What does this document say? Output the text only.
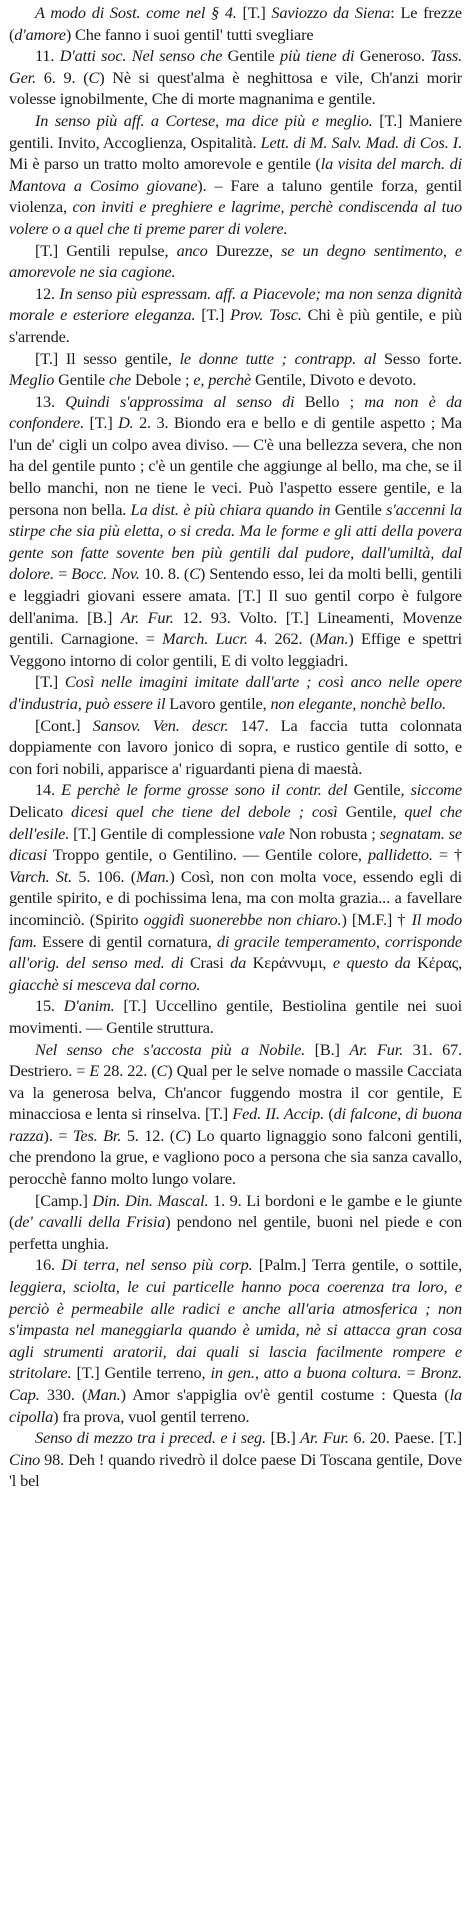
A modo di Sost. come nel § 4. [T.] Saviozzo da Siena: Le frezze (d'amore) Che fanno i suoi gentil' tutti svegliare

11. D'atti soc. Nel senso che Gentile più tiene di Generoso. Tass. Ger. 6. 9. (C) Nè si quest'alma è neghittosa e vile, Ch'anzi morir volesse ignobilmente, Che di morte magnanima e gentile.

In senso più aff. a Cortese, ma dice più e meglio. [T.] Maniere gentili. Invito, Accoglienza, Ospitalità. Lett. di M. Salv. Mad. di Cos. I. Mi è parso un tratto molto amorevole e gentile (la visita del march. di Mantova a Cosimo giovane). – Fare a taluno gentile forza, gentil violenza, con inviti e preghiere e lagrime, perchè condiscenda al tuo volere o a quel che ti preme parer di volere.

[T.] Gentili repulse, anco Durezze, se un degno sentimento, e amorevole ne sia cagione.

12. In senso più espressam. aff. a Piacevole; ma non senza dignità morale e esteriore eleganza. [T.] Prov. Tosc. Chi è più gentile, e più s'arrende.

[T.] Il sesso gentile, le donne tutte ; contrapp. al Sesso forte. Meglio Gentile che Debole ; e, perchè Gentile, Divoto e devoto.

13. Quindi s'approssima al senso di Bello ; ma non è da confondere. [T.] D. 2. 3. Biondo era e bello e di gentile aspetto ; Ma l'un de' cigli un colpo avea diviso. — C'è una bellezza severa, che non ha del gentile punto ; c'è un gentile che aggiunge al bello, ma che, se il bello manchi, non ne tiene le veci. Può l'aspetto essere gentile, e la persona non bella. La dist. è più chiara quando in Gentile s'accenni la stirpe che sia più eletta, o si creda. Ma le forme e gli atti della povera gente son fatte sovente ben più gentili dal pudore, dall'umiltà, dal dolore. = Bocc. Nov. 10. 8. (C) Sentendo esso, lei da molti belli, gentili e leggiadri giovani essere amata. [T.] Il suo gentil corpo è fulgore dell'anima. [B.] Ar. Fur. 12. 93. Volto. [T.] Lineamenti, Movenze gentili. Carnagione. = March. Lucr. 4. 262. (Man.) Effige e spettri Veggono intorno di color gentili, E di volto leggiadri.

[T.] Così nelle imagini imitate dall'arte ; così anco nelle opere d'industria, può essere il Lavoro gentile, non elegante, nonchè bello.

[Cont.] Sansov. Ven. descr. 147. La faccia tutta colonnata doppiamente con lavoro jonico di sopra, e rustico gentile di sotto, e con fori nobili, apparisce a' riguardanti piena di maestà.

14. E perchè le forme grosse sono il contr. del Gentile, siccome Delicato dicesi quel che tiene del debole ; così Gentile, quel che dell'esile. [T.] Gentile di complessione vale Non robusta ; segnatam. se dicasi Troppo gentile, o Gentilino. — Gentile colore, pallidetto. = † Varch. St. 5. 106. (Man.) Così, non con molta voce, essendo egli di gentile spirito, e di pochissima lena, ma con molta grazia... a favellare incominciò. (Spirito oggidì suonerebbe non chiaro.) [M.F.] † Il modo fam. Essere di gentil cornatura, di gracile temperamento, corrisponde all'orig. del senso med. di Crasi da Κεράννυμι, e questo da Κέρας, giacchè si mesceva dal corno.

15. D'anim. [T.] Uccellino gentile, Bestiolina gentile nei suoi movimenti. — Gentile struttura.

Nel senso che s'accosta più a Nobile. [B.] Ar. Fur. 31. 67. Destriero. = E 28. 22. (C) Qual per le selve nomade o massile Cacciata va la generosa belva, Ch'ancor fuggendo mostra il cor gentile, E minacciosa e lenta si rinselva. [T.] Fed. II. Accip. (di falcone, di buona razza). = Tes. Br. 5. 12. (C) Lo quarto lignaggio sono falconi gentili, che prendono la grue, e vagliono poco a persona che sia sanza cavallo, perocchè fanno molto lungo volare.

[Camp.] Din. Din. Mascal. 1. 9. Li bordoni e le gambe e le giunte (de' cavalli della Frisia) pendono nel gentile, buoni nel piede e con perfetta unghia.

16. Di terra, nel senso più corp. [Palm.] Terra gentile, o sottile, leggiera, sciolta, le cui particelle hanno poca coerenza tra loro, e perciò è permeabile alle radici e anche all'aria atmosferica ; non s'impasta nel maneggiarla quando è umida, nè si attacca gran cosa agli strumenti aratorii, dai quali si lascia facilmente rompere e stritolare. [T.] Gentile terreno, in gen., atto a buona coltura. = Bronz. Cap. 330. (Man.) Amor s'appiglia ov'è gentil costume : Questa (la cipolla) fra prova, vuol gentil terreno.

Senso di mezzo tra i preced. e i seg. [B.] Ar. Fur. 6. 20. Paese. [T.] Cino 98. Deh ! quando rivedrò il dolce paese Di Toscana gentile, Dove 'l bel
